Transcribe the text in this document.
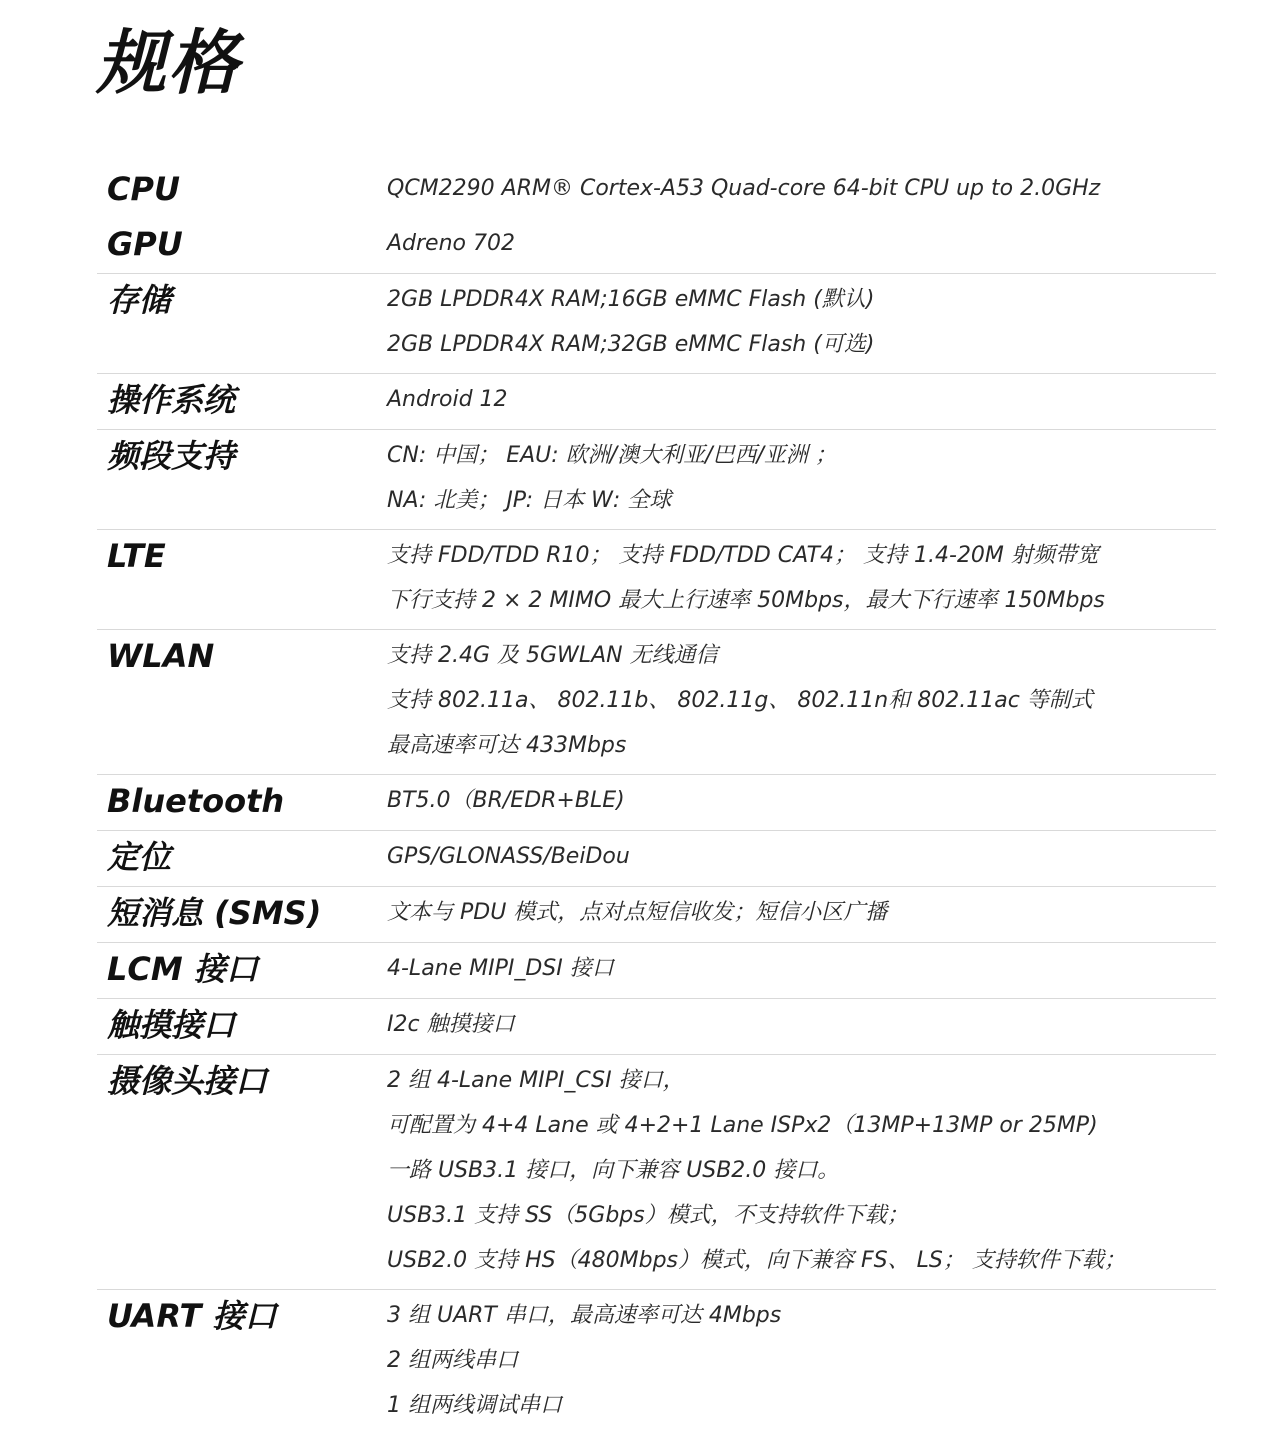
规格
CPU	QCM2290 ARM® Cortex-A53 Quad-core 64-bit CPU up to 2.0GHz
GPU	Adreno 702
存储	2GB LPDDR4X RAM;16GB eMMC Flash (默认)
2GB LPDDR4X RAM;32GB eMMC Flash (可选)
操作系统	Android 12
频段支持	CN: 中国； EAU: 欧洲/澳大利亚/巴西/亚洲 ；
NA: 北美； JP: 日本 W: 全球
LTE	支持 FDD/TDD R10； 支持 FDD/TDD CAT4； 支持 1.4-20M 射频带宽
下行支持 2 × 2 MIMO 最大上行速率 50Mbps，最大下行速率 150Mbps
WLAN	支持 2.4G 及 5GWLAN 无线通信
支持 802.11a、 802.11b、 802.11g、 802.11n和 802.11ac 等制式
最高速率可达 433Mbps
Bluetooth	BT5.0（BR/EDR+BLE)
定位	GPS/GLONASS/BeiDou
短消息 (SMS)	文本与 PDU 模式，点对点短信收发；短信小区广播
LCM 接口	4-Lane MIPI_DSI 接口
触摸接口	I2c 触摸接口
摄像头接口	2 组 4-Lane MIPI_CSI 接口，
可配置为 4+4 Lane 或 4+2+1 Lane ISPx2（13MP+13MP or 25MP)
一路 USB3.1 接口，向下兼容 USB2.0 接口。
USB3.1 支持 SS（5Gbps）模式，不支持软件下载；
USB2.0 支持 HS（480Mbps）模式，向下兼容 FS、 LS； 支持软件下载；
UART 接口	3 组 UART 串口，最高速率可达 4Mbps
2 组两线串口
1 组两线调试串口
